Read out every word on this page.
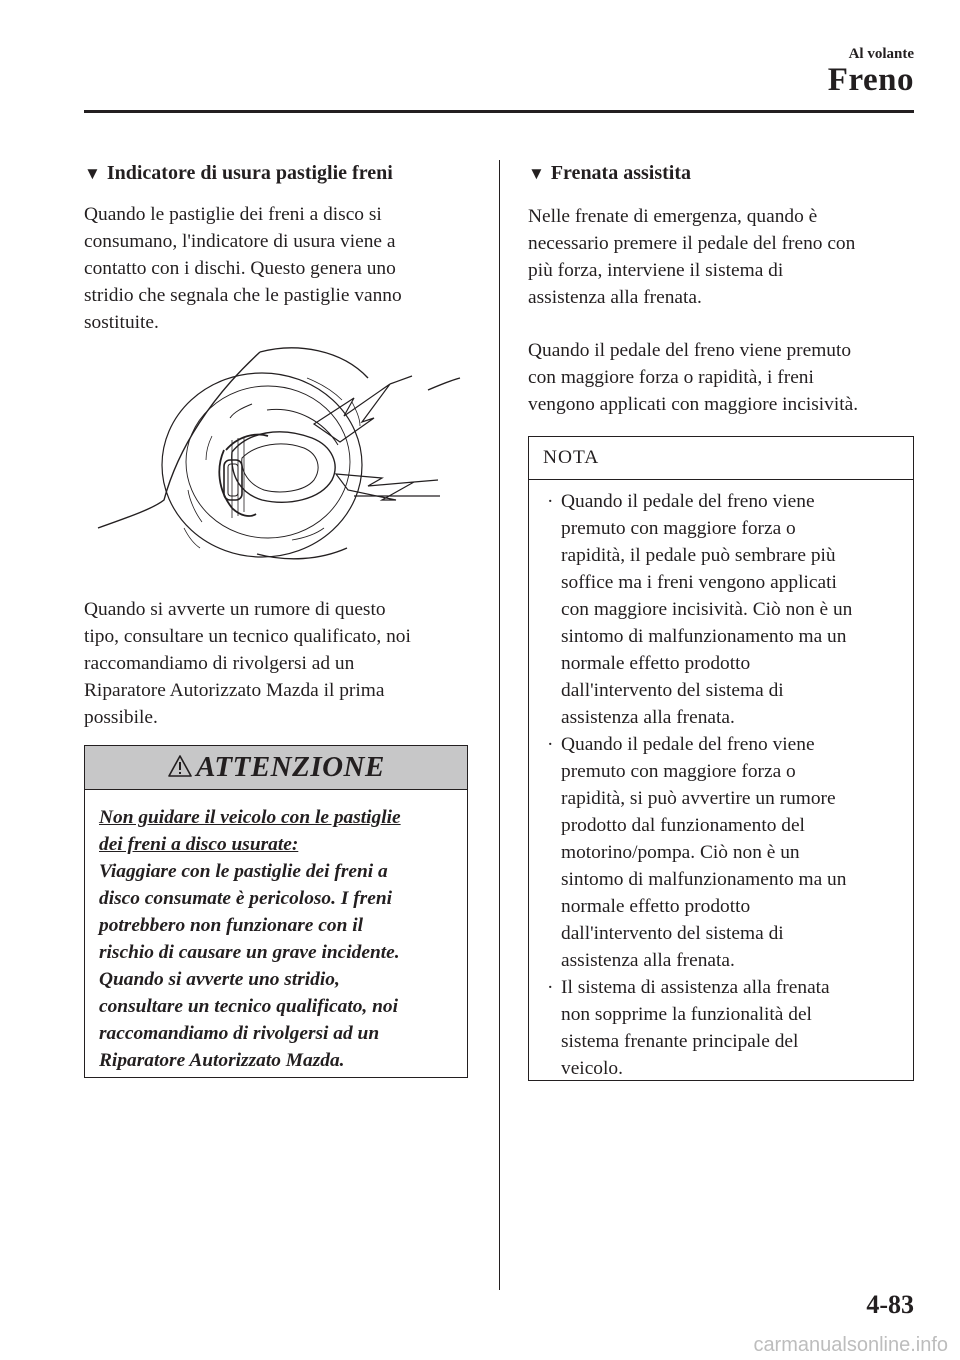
Al volante
Freno
▼ Indicatore di usura pastiglie freni
Quando le pastiglie dei freni a disco si
consumano, l'indicatore di usura viene a
contatto con i dischi. Questo genera uno
stridio che segnala che le pastiglie vanno
sostituite.
Quando si avverte un rumore di questo
tipo, consultare un tecnico qualificato, noi
raccomandiamo di rivolgersi ad un
Riparatore Autorizzato Mazda il prima
possibile.
ATTENZIONE
Non guidare il veicolo con le pastiglie
dei freni a disco usurate:
Viaggiare con le pastiglie dei freni a
disco consumate è pericoloso. I freni
potrebbero non funzionare con il
rischio di causare un grave incidente.
Quando si avverte uno stridio,
consultare un tecnico qualificato, noi
raccomandiamo di rivolgersi ad un
Riparatore Autorizzato Mazda.
▼ Frenata assistita
Nelle frenate di emergenza, quando è
necessario premere il pedale del freno con
più forza, interviene il sistema di
assistenza alla frenata.
Quando il pedale del freno viene premuto
con maggiore forza o rapidità, i freni
vengono applicati con maggiore incisività.
NOTA
· Quando il pedale del freno viene
premuto con maggiore forza o
rapidità, il pedale può sembrare più
soffice ma i freni vengono applicati
con maggiore incisività. Ciò non è un
sintomo di malfunzionamento ma un
normale effetto prodotto
dall'intervento del sistema di
assistenza alla frenata.
· Quando il pedale del freno viene
premuto con maggiore forza o
rapidità, si può avvertire un rumore
prodotto dal funzionamento del
motorino/pompa. Ciò non è un
sintomo di malfunzionamento ma un
normale effetto prodotto
dall'intervento del sistema di
assistenza alla frenata.
· Il sistema di assistenza alla frenata
non sopprime la funzionalità del
sistema frenante principale del
veicolo.
4-83
carmanualsonline.info
